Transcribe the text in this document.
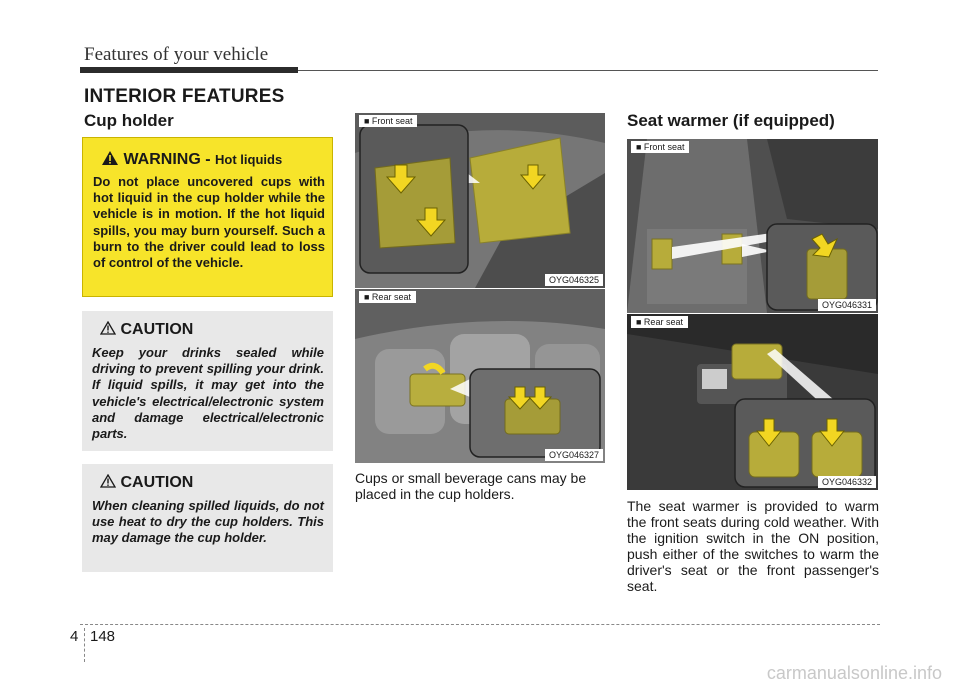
Features of your vehicle
INTERIOR FEATURES
Cup holder
WARNING - Hot liquids
Do not place uncovered cups with hot liquid in the cup holder while the vehicle is in motion. If the hot liquid spills, you may burn yourself. Such a burn to the driver could lead to loss of control of the vehicle.
CAUTION
Keep your drinks sealed while driving to prevent spilling your drink. If liquid spills, it may get into the vehicle's electrical/electronic system and damage electrical/electronic parts.
CAUTION
When cleaning spilled liquids, do not use heat to dry the cup holders. This may damage the cup holder.
■ Front seat
OYG046325
■ Rear seat
OYG046327
Cups or small beverage cans may be placed in the cup holders.
Seat warmer (if equipped)
■ Front seat
OYG046331
■ Rear seat
OYG046332
The seat warmer is provided to warm the front seats during cold weather. With the ignition switch in the ON position, push either of the switches to warm the driver's seat or the front passenger's seat.
4 148
carmanualsonline.info
